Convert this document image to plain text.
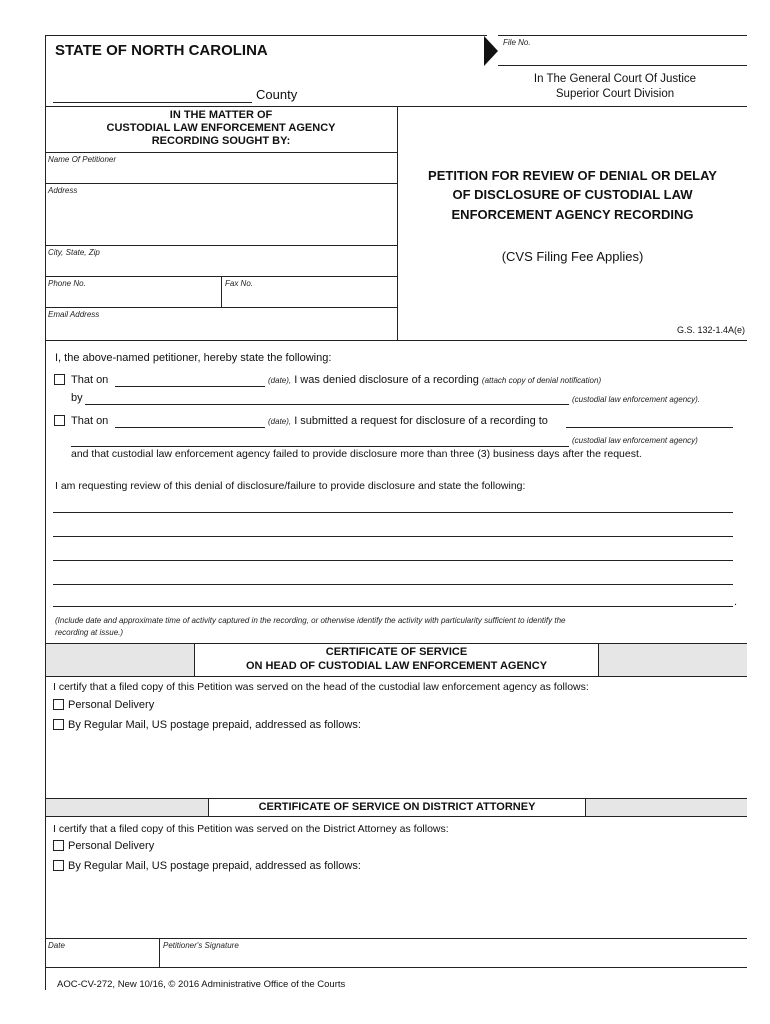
STATE OF NORTH CAROLINA
County
File No.
In The General Court Of Justice
Superior Court Division
IN THE MATTER OF
CUSTODIAL LAW ENFORCEMENT AGENCY
RECORDING SOUGHT BY:
Name Of Petitioner
Address
City, State, Zip
Phone No.	Fax No.
Email Address
PETITION FOR REVIEW OF DENIAL OR DELAY
OF DISCLOSURE OF CUSTODIAL LAW
ENFORCEMENT AGENCY RECORDING
(CVS Filing Fee Applies)
G.S. 132-1.4A(e)
I, the above-named petitioner, hereby state the following:
That on	(date), I was denied disclosure of a recording (attach copy of denial notification)
by	(custodial law enforcement agency).
That on	(date), I submitted a request for disclosure of a recording to
(custodial law enforcement agency)
and that custodial law enforcement agency failed to provide disclosure more than three (3) business days after the request.
I am requesting review of this denial of disclosure/failure to provide disclosure and state the following:
.
(Include date and approximate time of activity captured in the recording, or otherwise identify the activity with particularity sufficient to identify the
recording at issue.)
CERTIFICATE OF SERVICE
ON HEAD OF CUSTODIAL LAW ENFORCEMENT AGENCY
I certify that a filed copy of this Petition was served on the head of the custodial law enforcement agency as follows:
Personal Delivery
By Regular Mail, US postage prepaid, addressed as follows:
CERTIFICATE OF SERVICE ON DISTRICT ATTORNEY
I certify that a filed copy of this Petition was served on the District Attorney as follows:
Personal Delivery
By Regular Mail, US postage prepaid, addressed as follows:
Date	Petitioner's Signature
AOC-CV-272, New 10/16, © 2016 Administrative Office of the Courts
